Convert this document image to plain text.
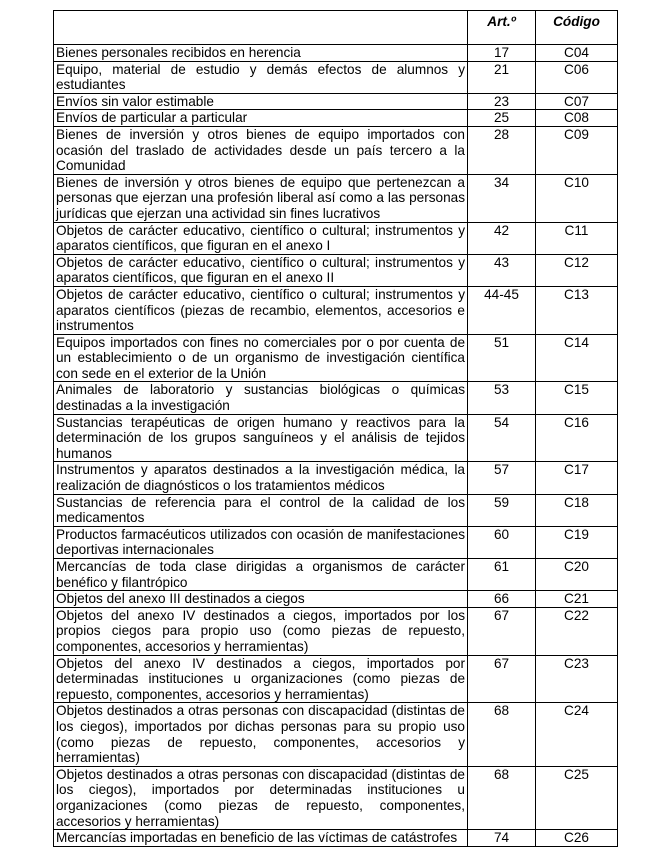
	Art.º	Código
Bienes personales recibidos en herencia	17	C04
Equipo, material de estudio y demás efectos de alumnos y estudiantes	21	C06
Envíos sin valor estimable	23	C07
Envíos de particular a particular	25	C08
Bienes de inversión y otros bienes de equipo importados con ocasión del traslado de actividades desde un país tercero a la Comunidad	28	C09
Bienes de inversión y otros bienes de equipo que pertenezcan a personas que ejerzan una profesión liberal así como a las personas jurídicas que ejerzan una actividad sin fines lucrativos	34	C10
Objetos de carácter educativo, científico o cultural; instrumentos y aparatos científicos, que figuran en el anexo I	42	C11
Objetos de carácter educativo, científico o cultural; instrumentos y aparatos científicos, que figuran en el anexo II	43	C12
Objetos de carácter educativo, científico o cultural; instrumentos y aparatos científicos (piezas de recambio, elementos, accesorios e instrumentos	44-45	C13
Equipos importados con fines no comerciales por o por cuenta de un establecimiento o de un organismo de investigación científica con sede en el exterior de la Unión	51	C14
Animales de laboratorio y sustancias biológicas o químicas destinadas a la investigación	53	C15
Sustancias terapéuticas de origen humano y reactivos para la determinación de los grupos sanguíneos y el análisis de tejidos humanos	54	C16
Instrumentos y aparatos destinados a la investigación médica, la realización de diagnósticos o los tratamientos médicos	57	C17
Sustancias de referencia para el control de la calidad de los medicamentos	59	C18
Productos farmacéuticos utilizados con ocasión de manifestaciones deportivas internacionales	60	C19
Mercancías de toda clase dirigidas a organismos de carácter benéfico y filantrópico	61	C20
Objetos del anexo III destinados a ciegos	66	C21
Objetos del anexo IV destinados a ciegos, importados por los propios ciegos para propio uso (como piezas de repuesto, componentes, accesorios y herramientas)	67	C22
Objetos del anexo IV destinados a ciegos, importados por determinadas instituciones u organizaciones (como piezas de repuesto, componentes, accesorios y herramientas)	67	C23
Objetos destinados a otras personas con discapacidad (distintas de los ciegos), importados por dichas personas para su propio uso (como piezas de repuesto, componentes, accesorios y herramientas)	68	C24
Objetos destinados a otras personas con discapacidad (distintas de los ciegos), importados por determinadas instituciones u organizaciones (como piezas de repuesto, componentes, accesorios y herramientas)	68	C25
Mercancías importadas en beneficio de las víctimas de catástrofes	74	C26
